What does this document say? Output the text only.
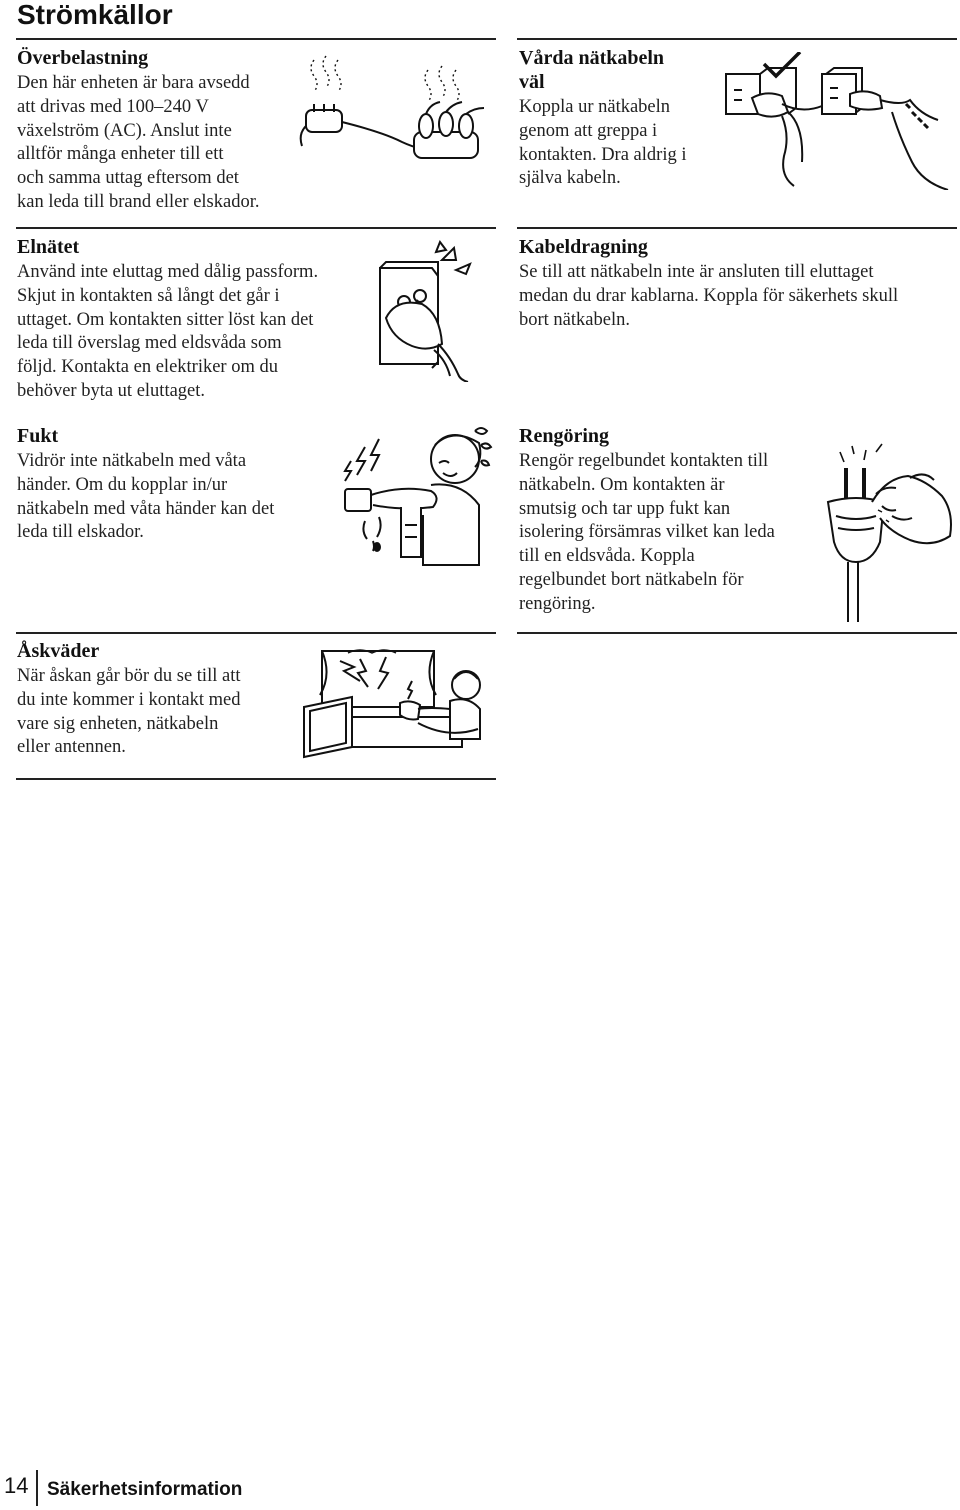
Strömkällor

Överbelastning

Den här enheten är bara avsedd
att drivas med 100–240 V
växelström (AC). Anslut inte
alltför många enheter till ett
och samma uttag eftersom det
kan leda till brand eller elskador.

Elnätet

Använd inte eluttag med dålig passform.
Skjut in kontakten så långt det går i
uttaget. Om kontakten sitter löst kan det
leda till överslag med eldsvåda som
följd. Kontakta en elektriker om du
behöver byta ut eluttaget.

Fukt

Vidrör inte nätkabeln med våta
händer. Om du kopplar in/ur
nätkabeln med våta händer kan det
leda till elskador.

Åskväder

När åskan går bör du se till att
du inte kommer i kontakt med
vare sig enheten, nätkabeln
eller antennen.

Vårda nätkabeln
väl

Koppla ur nätkabeln
genom att greppa i
kontakten. Dra aldrig i
själva kabeln.

Kabeldragning

Se till att nätkabeln inte är ansluten till eluttaget
medan du drar kablarna. Koppla för säkerhets skull
bort nätkabeln.

Rengöring

Rengör regelbundet kontakten till
nätkabeln. Om kontakten är
smutsig och tar upp fukt kan
isolering försämras vilket kan leda
till en eldsvåda. Koppla
regelbundet bort nätkabeln för
rengöring.

14 Säkerhetsinformation
